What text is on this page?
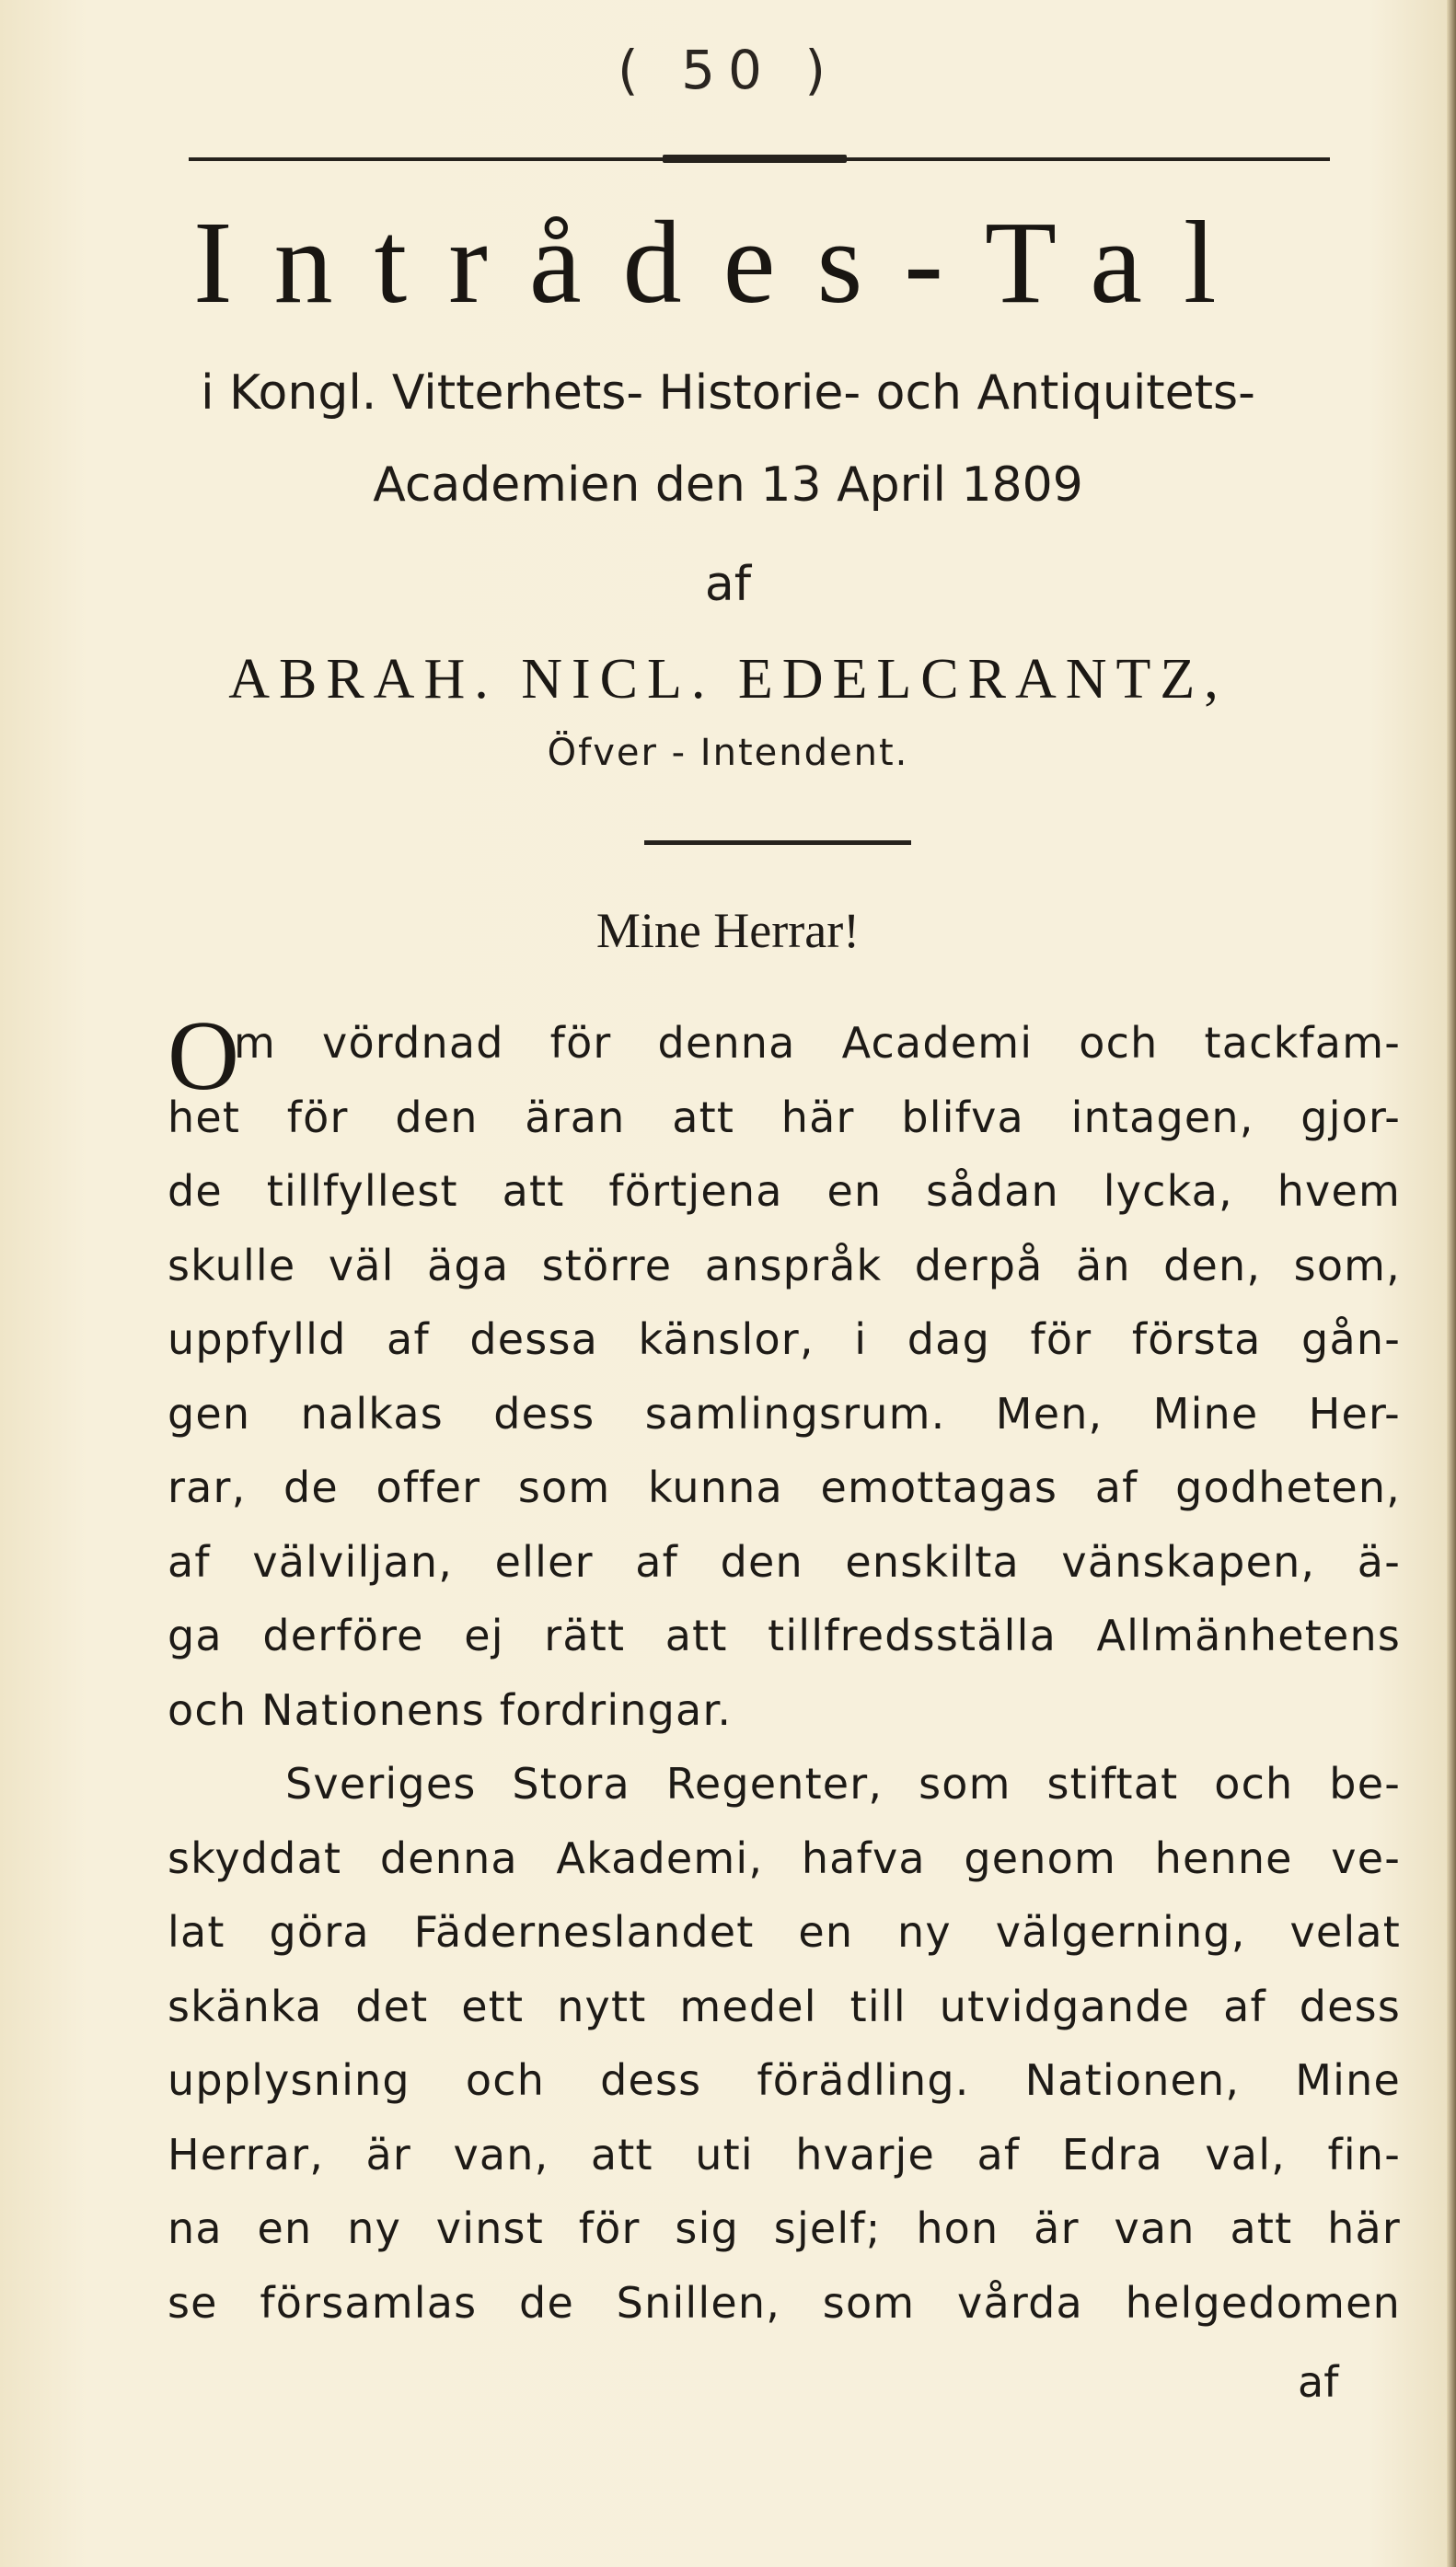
( 50 )
Intrådes-Tal
i Kongl. Vitterhets- Historie- och Antiquitets-
Academien den 13 April 1809
af
ABRAH. NICL. EDELCRANTZ,
Öfver - Intendent.
Mine Herrar!
O
m vördnad för denna Academi och tackfam-
het för den äran att här blifva intagen, gjor-
de tillfyllest att förtjena en sådan lycka, hvem
skulle väl äga större anspråk derpå än den, som,
uppfylld af dessa känslor, i dag för första gån-
gen nalkas dess samlingsrum. Men, Mine Her-
rar, de offer som kunna emottagas af godheten,
af välviljan, eller af den enskilta vänskapen, ä-
ga derföre ej rätt att tillfredsställa Allmänhetens
och Nationens fordringar.
Sveriges Stora Regenter, som stiftat och be-
skyddat denna Akademi, hafva genom henne ve-
lat göra Fäderneslandet en ny välgerning, velat
skänka det ett nytt medel till utvidgande af dess
upplysning och dess förädling. Nationen, Mine
Herrar, är van, att uti hvarje af Edra val, fin-
na en ny vinst för sig sjelf; hon är van att här
se församlas de Snillen, som vårda helgedomen
af
